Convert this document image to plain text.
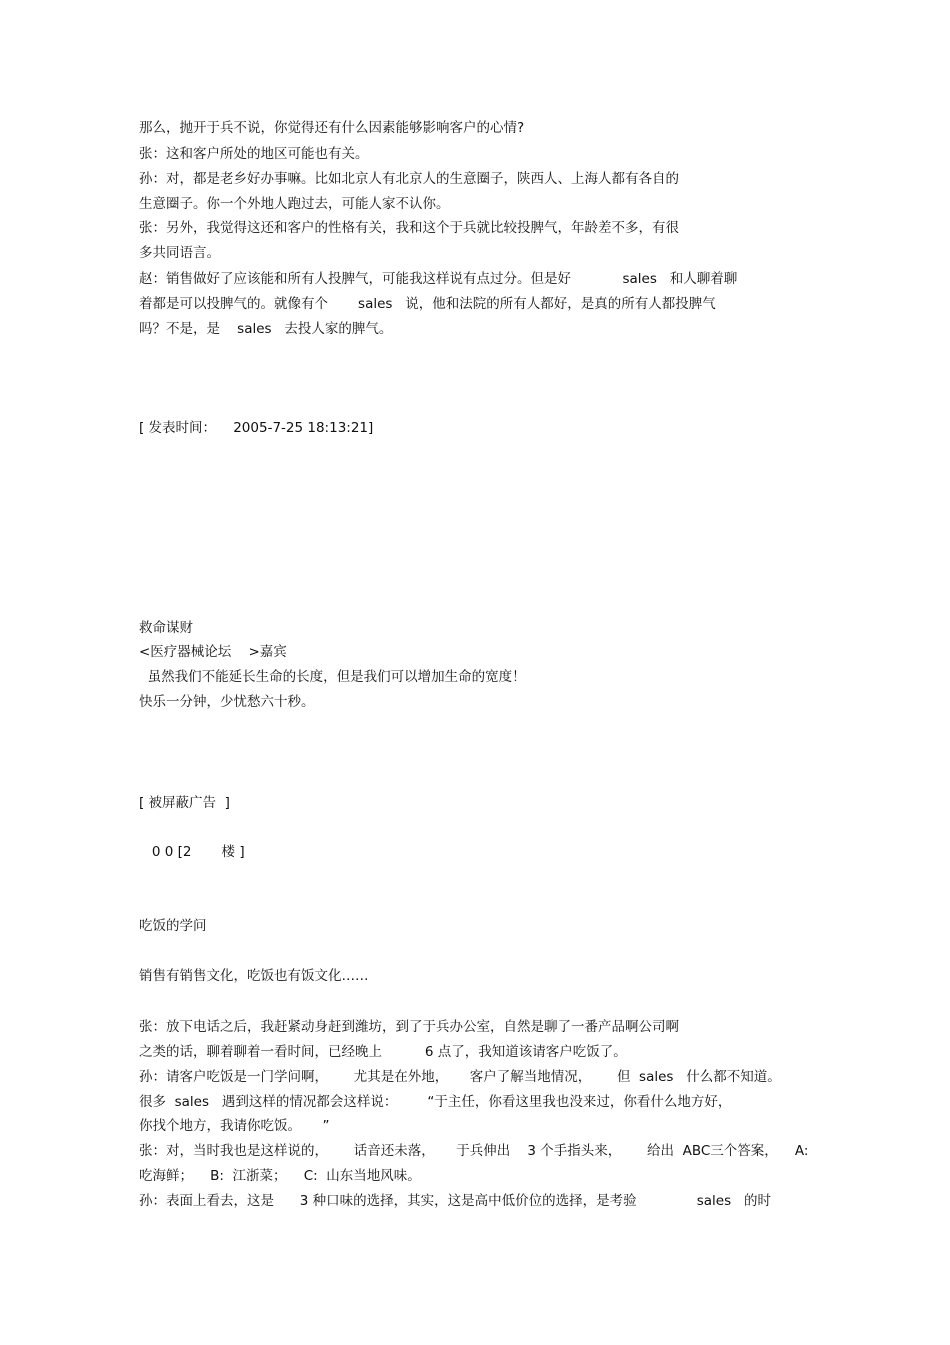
那么，抛开于兵不说，你觉得还有什么因素能够影响客户的心情?

张：这和客户所处的地区可能也有关。

孙：对，都是老乡好办事嘛。比如北京人有北京人的生意圈子，陕西人、上海人都有各自的

生意圈子。你一个外地人跑过去，可能人家不认你。

张：另外，我觉得这还和客户的性格有关，我和这个于兵就比较投脾气，年龄差不多，有很

多共同语言。

赵：销售做好了应该能和所有人投脾气，可能我这样说有点过分。但是好            sales   和人聊着聊

着都是可以投脾气的。就像有个       sales   说，他和法院的所有人都好，是真的所有人都投脾气

吗？不是，是    sales   去投人家的脾气。

[ 发表时间：    2005-7-25 18:13:21]

救命谋财

<医疗器械论坛    >嘉宾

虽然我们不能延长生命的长度，但是我们可以增加生命的宽度！

快乐一分钟，少忧愁六十秒。

[ 被屏蔽广告  ]

0 0 [2       楼 ]

吃饭的学问

销售有销售文化，吃饭也有饭文化……

张：放下电话之后，我赶紧动身赶到潍坊，到了于兵办公室，自然是聊了一番产品啊公司啊

之类的话，聊着聊着一看时间，已经晚上          6 点了，我知道该请客户吃饭了。

孙：请客户吃饭是一门学问啊，      尤其是在外地，     客户了解当地情况，      但  sales   什么都不知道。

很多  sales   遇到这样的情况都会这样说：       “于主任，你看这里我也没来过，你看什么地方好，

你找个地方，我请你吃饭。     ”

张：对，当时我也是这样说的，      话音还未落，     于兵伸出    3 个手指头来，      给出  ABC三个答案，    A:

吃海鲜；    B:  江浙菜；    C:  山东当地风味。

孙：表面上看去，这是      3 种口味的选择，其实，这是高中低价位的选择，是考验              sales   的时
